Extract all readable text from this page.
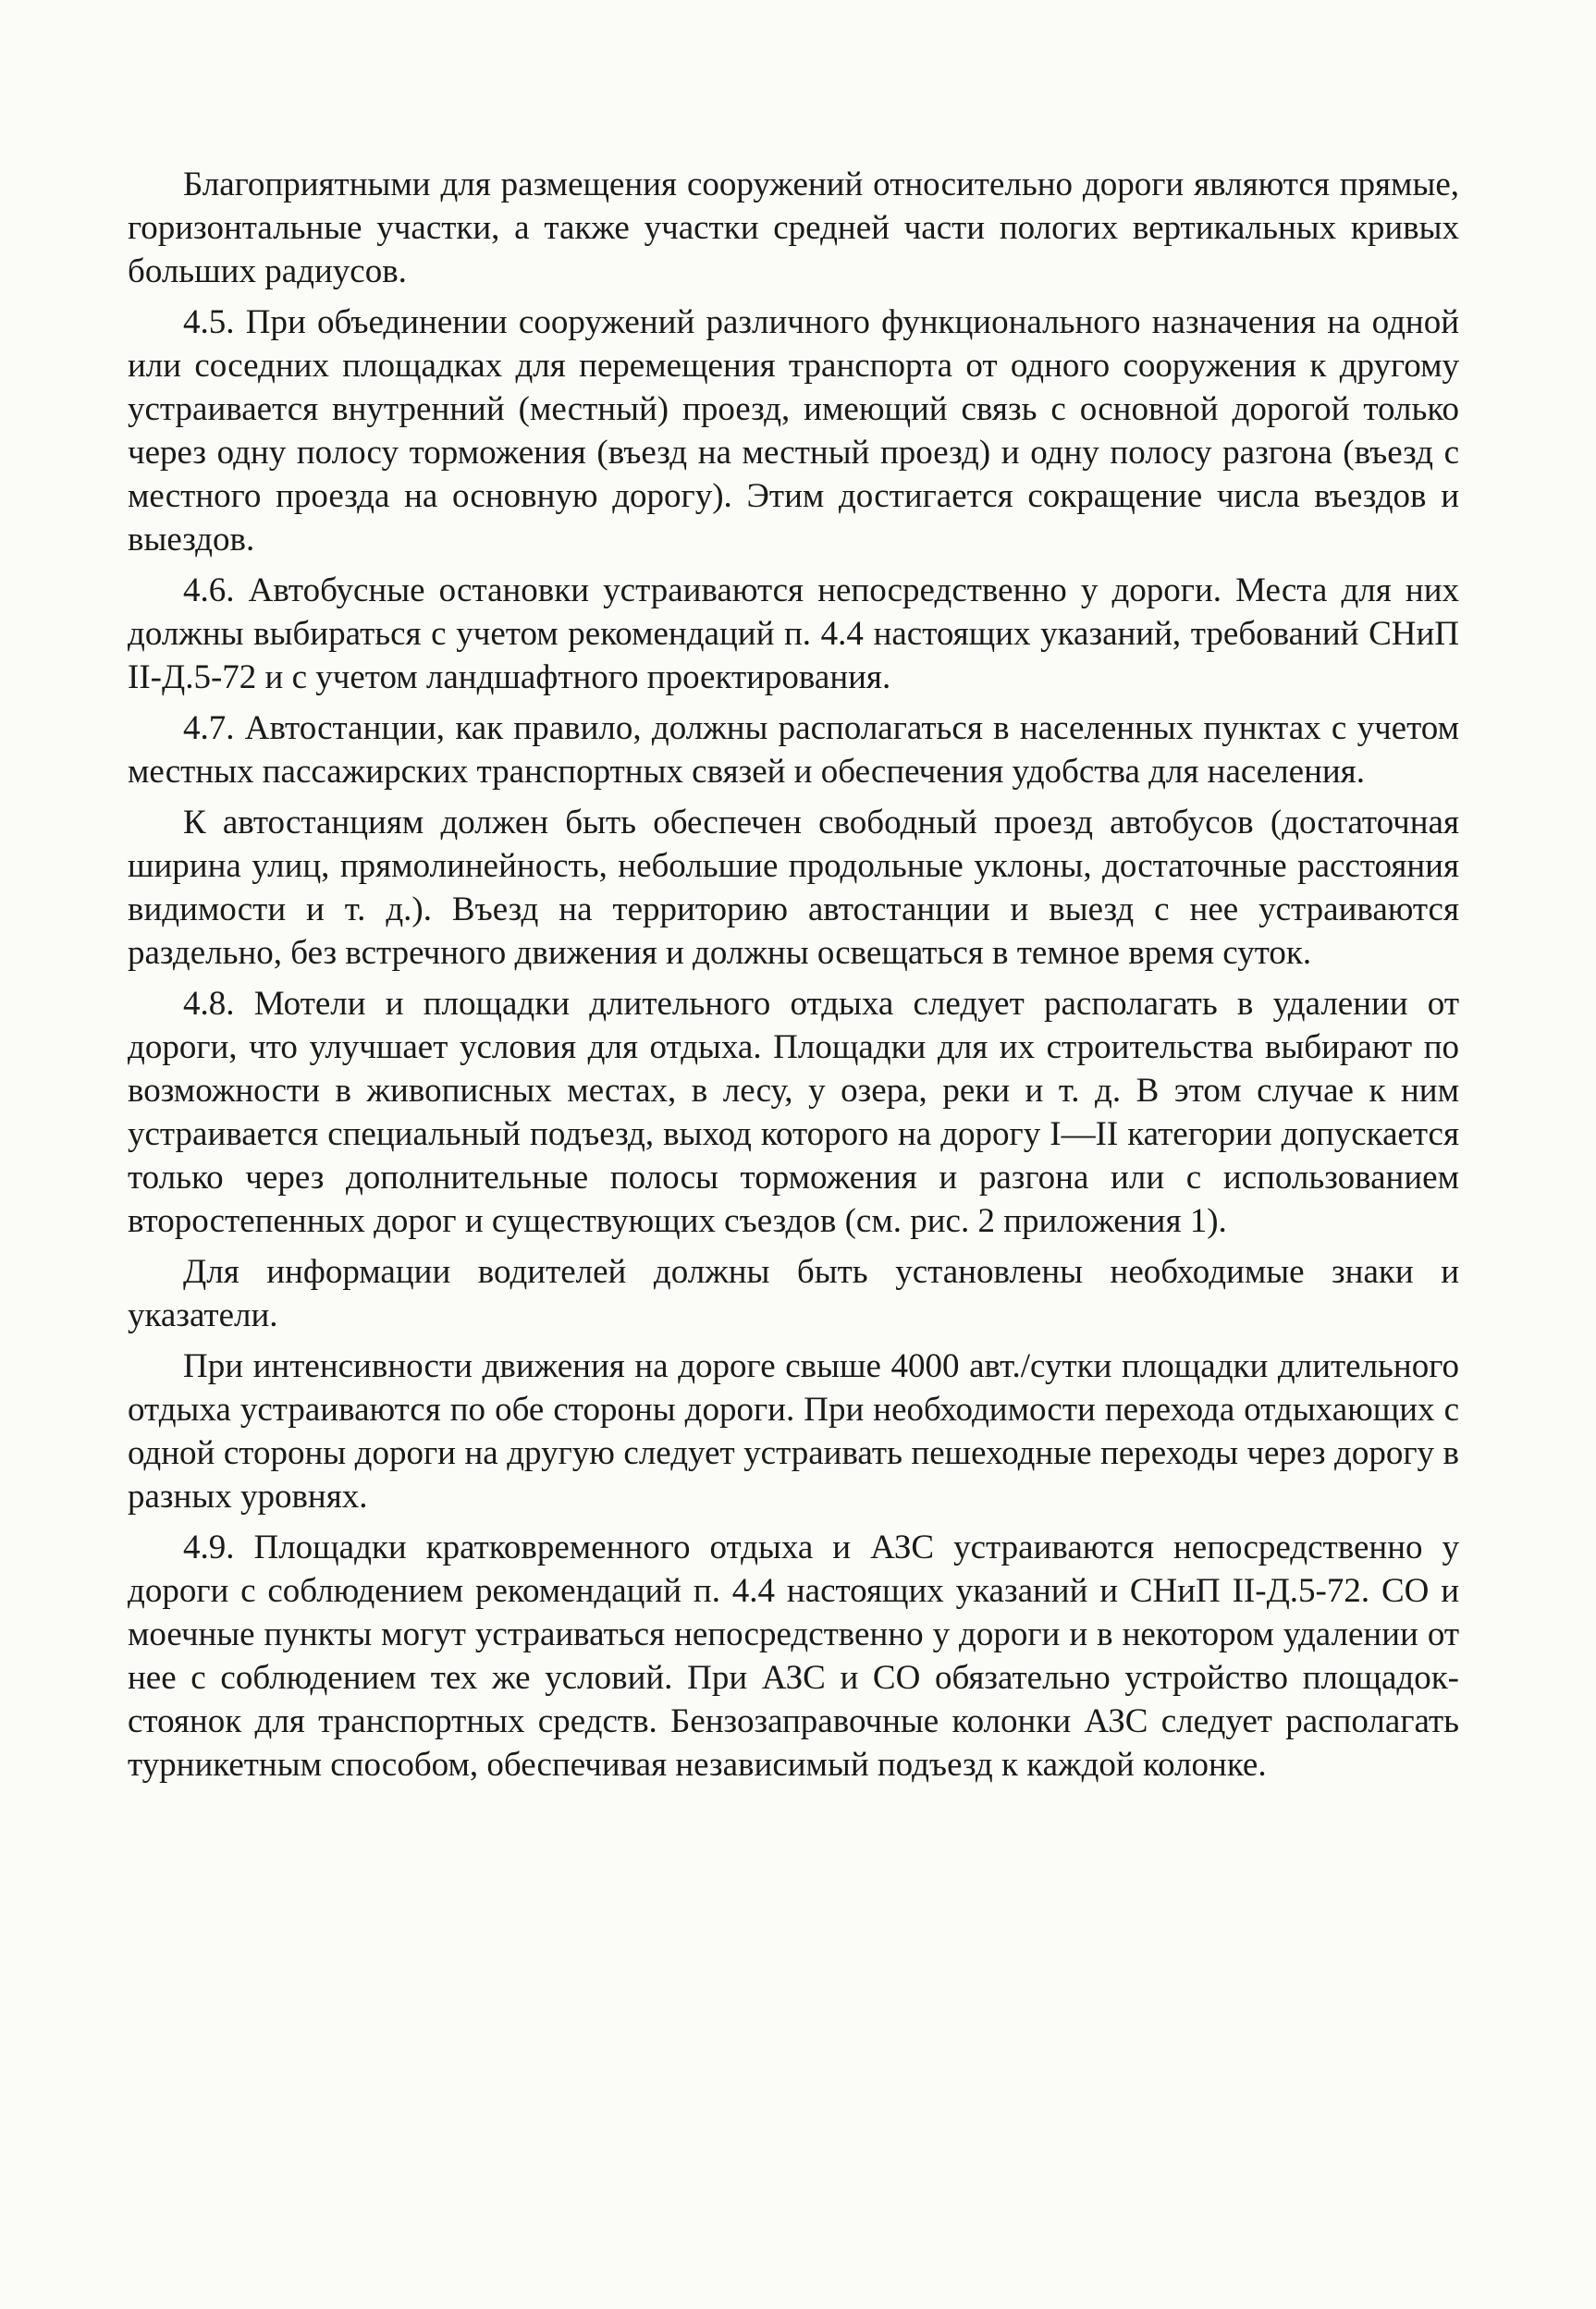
Благоприятными для размещения сооружений относительно дороги являются прямые, горизонтальные участки, а также участки средней части пологих вертикальных кривых больших радиусов.

4.5. При объединении сооружений различного функционального назначения на одной или соседних площадках для перемещения транспорта от одного сооружения к другому устраивается внутренний (местный) проезд, имеющий связь с основной дорогой только через одну полосу торможения (въезд на местный проезд) и одну полосу разгона (въезд с местного проезда на основную дорогу). Этим достигается сокращение числа въездов и выездов.

4.6. Автобусные остановки устраиваются непосредственно у дороги. Места для них должны выбираться с учетом рекомендаций п. 4.4 настоящих указаний, требований СНиП II-Д.5-72 и с учетом ландшафтного проектирования.

4.7. Автостанции, как правило, должны располагаться в населенных пунктах с учетом местных пассажирских транспортных связей и обеспечения удобства для населения.

К автостанциям должен быть обеспечен свободный проезд автобусов (достаточная ширина улиц, прямолинейность, небольшие продольные уклоны, достаточные расстояния видимости и т. д.). Въезд на территорию автостанции и выезд с нее устраиваются раздельно, без встречного движения и должны освещаться в темное время суток.

4.8. Мотели и площадки длительного отдыха следует располагать в удалении от дороги, что улучшает условия для отдыха. Площадки для их строительства выбирают по возможности в живописных местах, в лесу, у озера, реки и т. д. В этом случае к ним устраивается специальный подъезд, выход которого на дорогу I—II категории допускается только через дополнительные полосы торможения и разгона или с использованием второстепенных дорог и существующих съездов (см. рис. 2 приложения 1).

Для информации водителей должны быть установлены необходимые знаки и указатели.

При интенсивности движения на дороге свыше 4000 авт./сутки площадки длительного отдыха устраиваются по обе стороны дороги. При необходимости перехода отдыхающих с одной стороны дороги на другую следует устраивать пешеходные переходы через дорогу в разных уровнях.

4.9. Площадки кратковременного отдыха и АЗС устраиваются непосредственно у дороги с соблюдением рекомендаций п. 4.4 настоящих указаний и СНиП II-Д.5-72. СО и моечные пункты могут устраиваться непосредственно у дороги и в некотором удалении от нее с соблюдением тех же условий. При АЗС и СО обязательно устройство площадок-стоянок для транспортных средств. Бензозаправочные колонки АЗС следует располагать турникетным способом, обеспечивая независимый подъезд к каждой колонке.
